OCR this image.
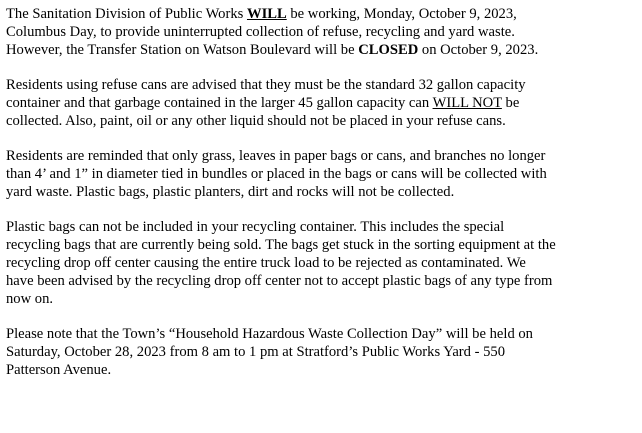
The Sanitation Division of Public Works WILL be working, Monday, October 9, 2023,
Columbus Day, to provide uninterrupted collection of refuse, recycling and yard waste.
However, the Transfer Station on Watson Boulevard will be CLOSED on October 9, 2023.

Residents using refuse cans are advised that they must be the standard 32 gallon capacity
container and that garbage contained in the larger 45 gallon capacity can WILL NOT be
collected. Also, paint, oil or any other liquid should not be placed in your refuse cans.

Residents are reminded that only grass, leaves in paper bags or cans, and branches no longer
than 4’ and 1” in diameter tied in bundles or placed in the bags or cans will be collected with
yard waste. Plastic bags, plastic planters, dirt and rocks will not be collected.

Plastic bags can not be included in your recycling container. This includes the special
recycling bags that are currently being sold. The bags get stuck in the sorting equipment at the
recycling drop off center causing the entire truck load to be rejected as contaminated. We
have been advised by the recycling drop off center not to accept plastic bags of any type from
now on.

Please note that the Town’s “Household Hazardous Waste Collection Day” will be held on
Saturday, October 28, 2023 from 8 am to 1 pm at Stratford’s Public Works Yard - 550
Patterson Avenue.
